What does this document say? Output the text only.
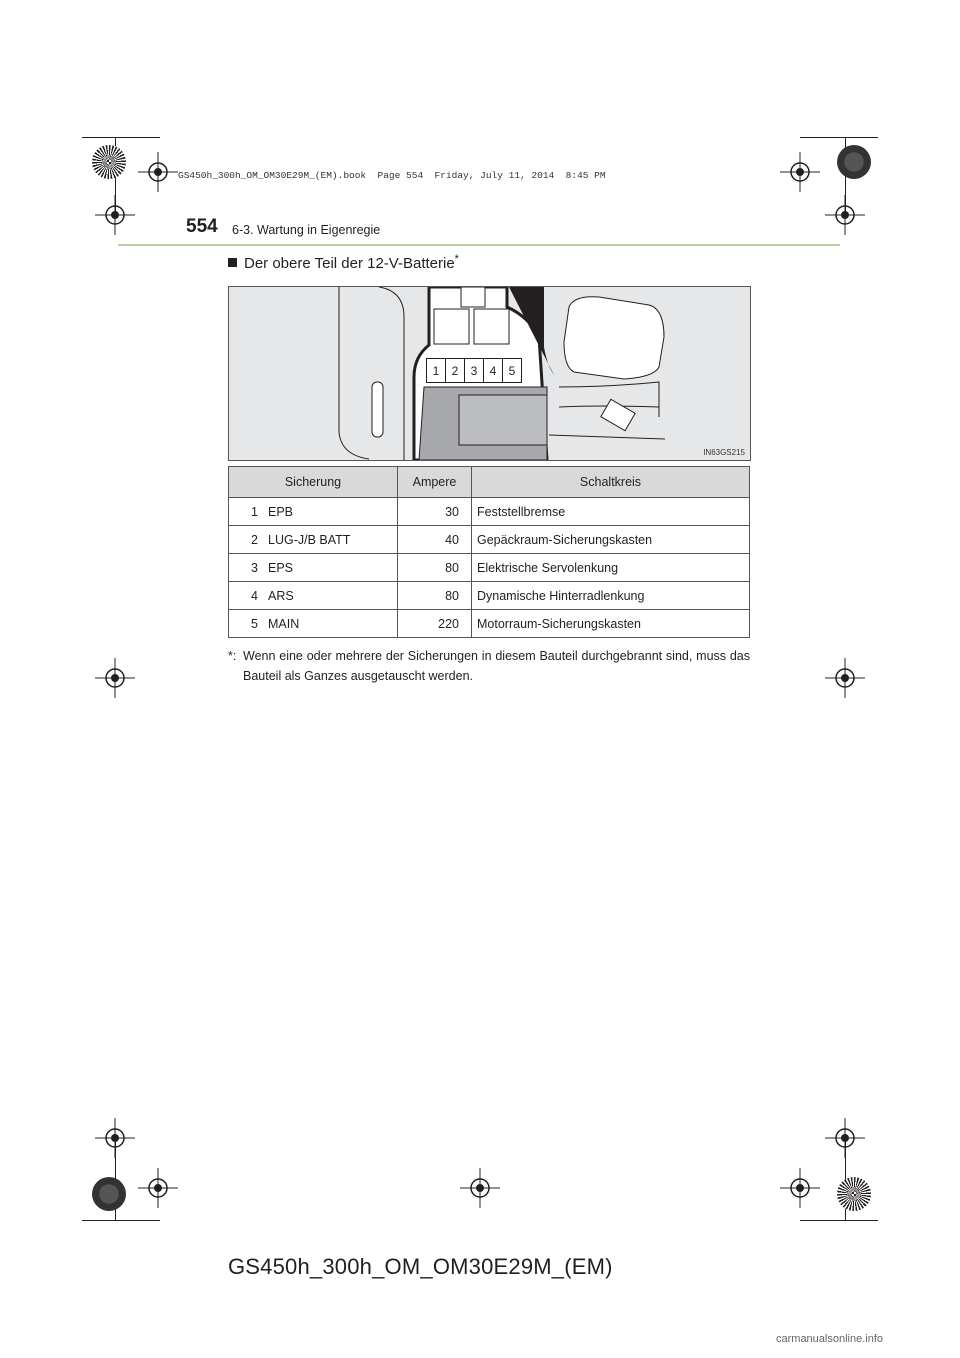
GS450h_300h_OM_OM30E29M_(EM).book  Page 554  Friday, July 11, 2014  8:45 PM
554 6-3. Wartung in Eigenregie
Der obere Teil der 12-V-Batterie*
IN63GS215
1	2	3	4	5
Sicherung		Ampere	Schaltkreis
1	EPB	30	Feststellbremse
2	LUG-J/B BATT	40	Gepäckraum-Sicherungskasten
3	EPS	80	Elektrische Servolenkung
4	ARS	80	Dynamische Hinterradlenkung
5	MAIN	220	Motorraum-Sicherungskasten
*: Wenn eine oder mehrere der Sicherungen in diesem Bauteil durchgebrannt sind, muss das Bauteil als Ganzes ausgetauscht werden.
GS450h_300h_OM_OM30E29M_(EM)
carmanualsonline.info
